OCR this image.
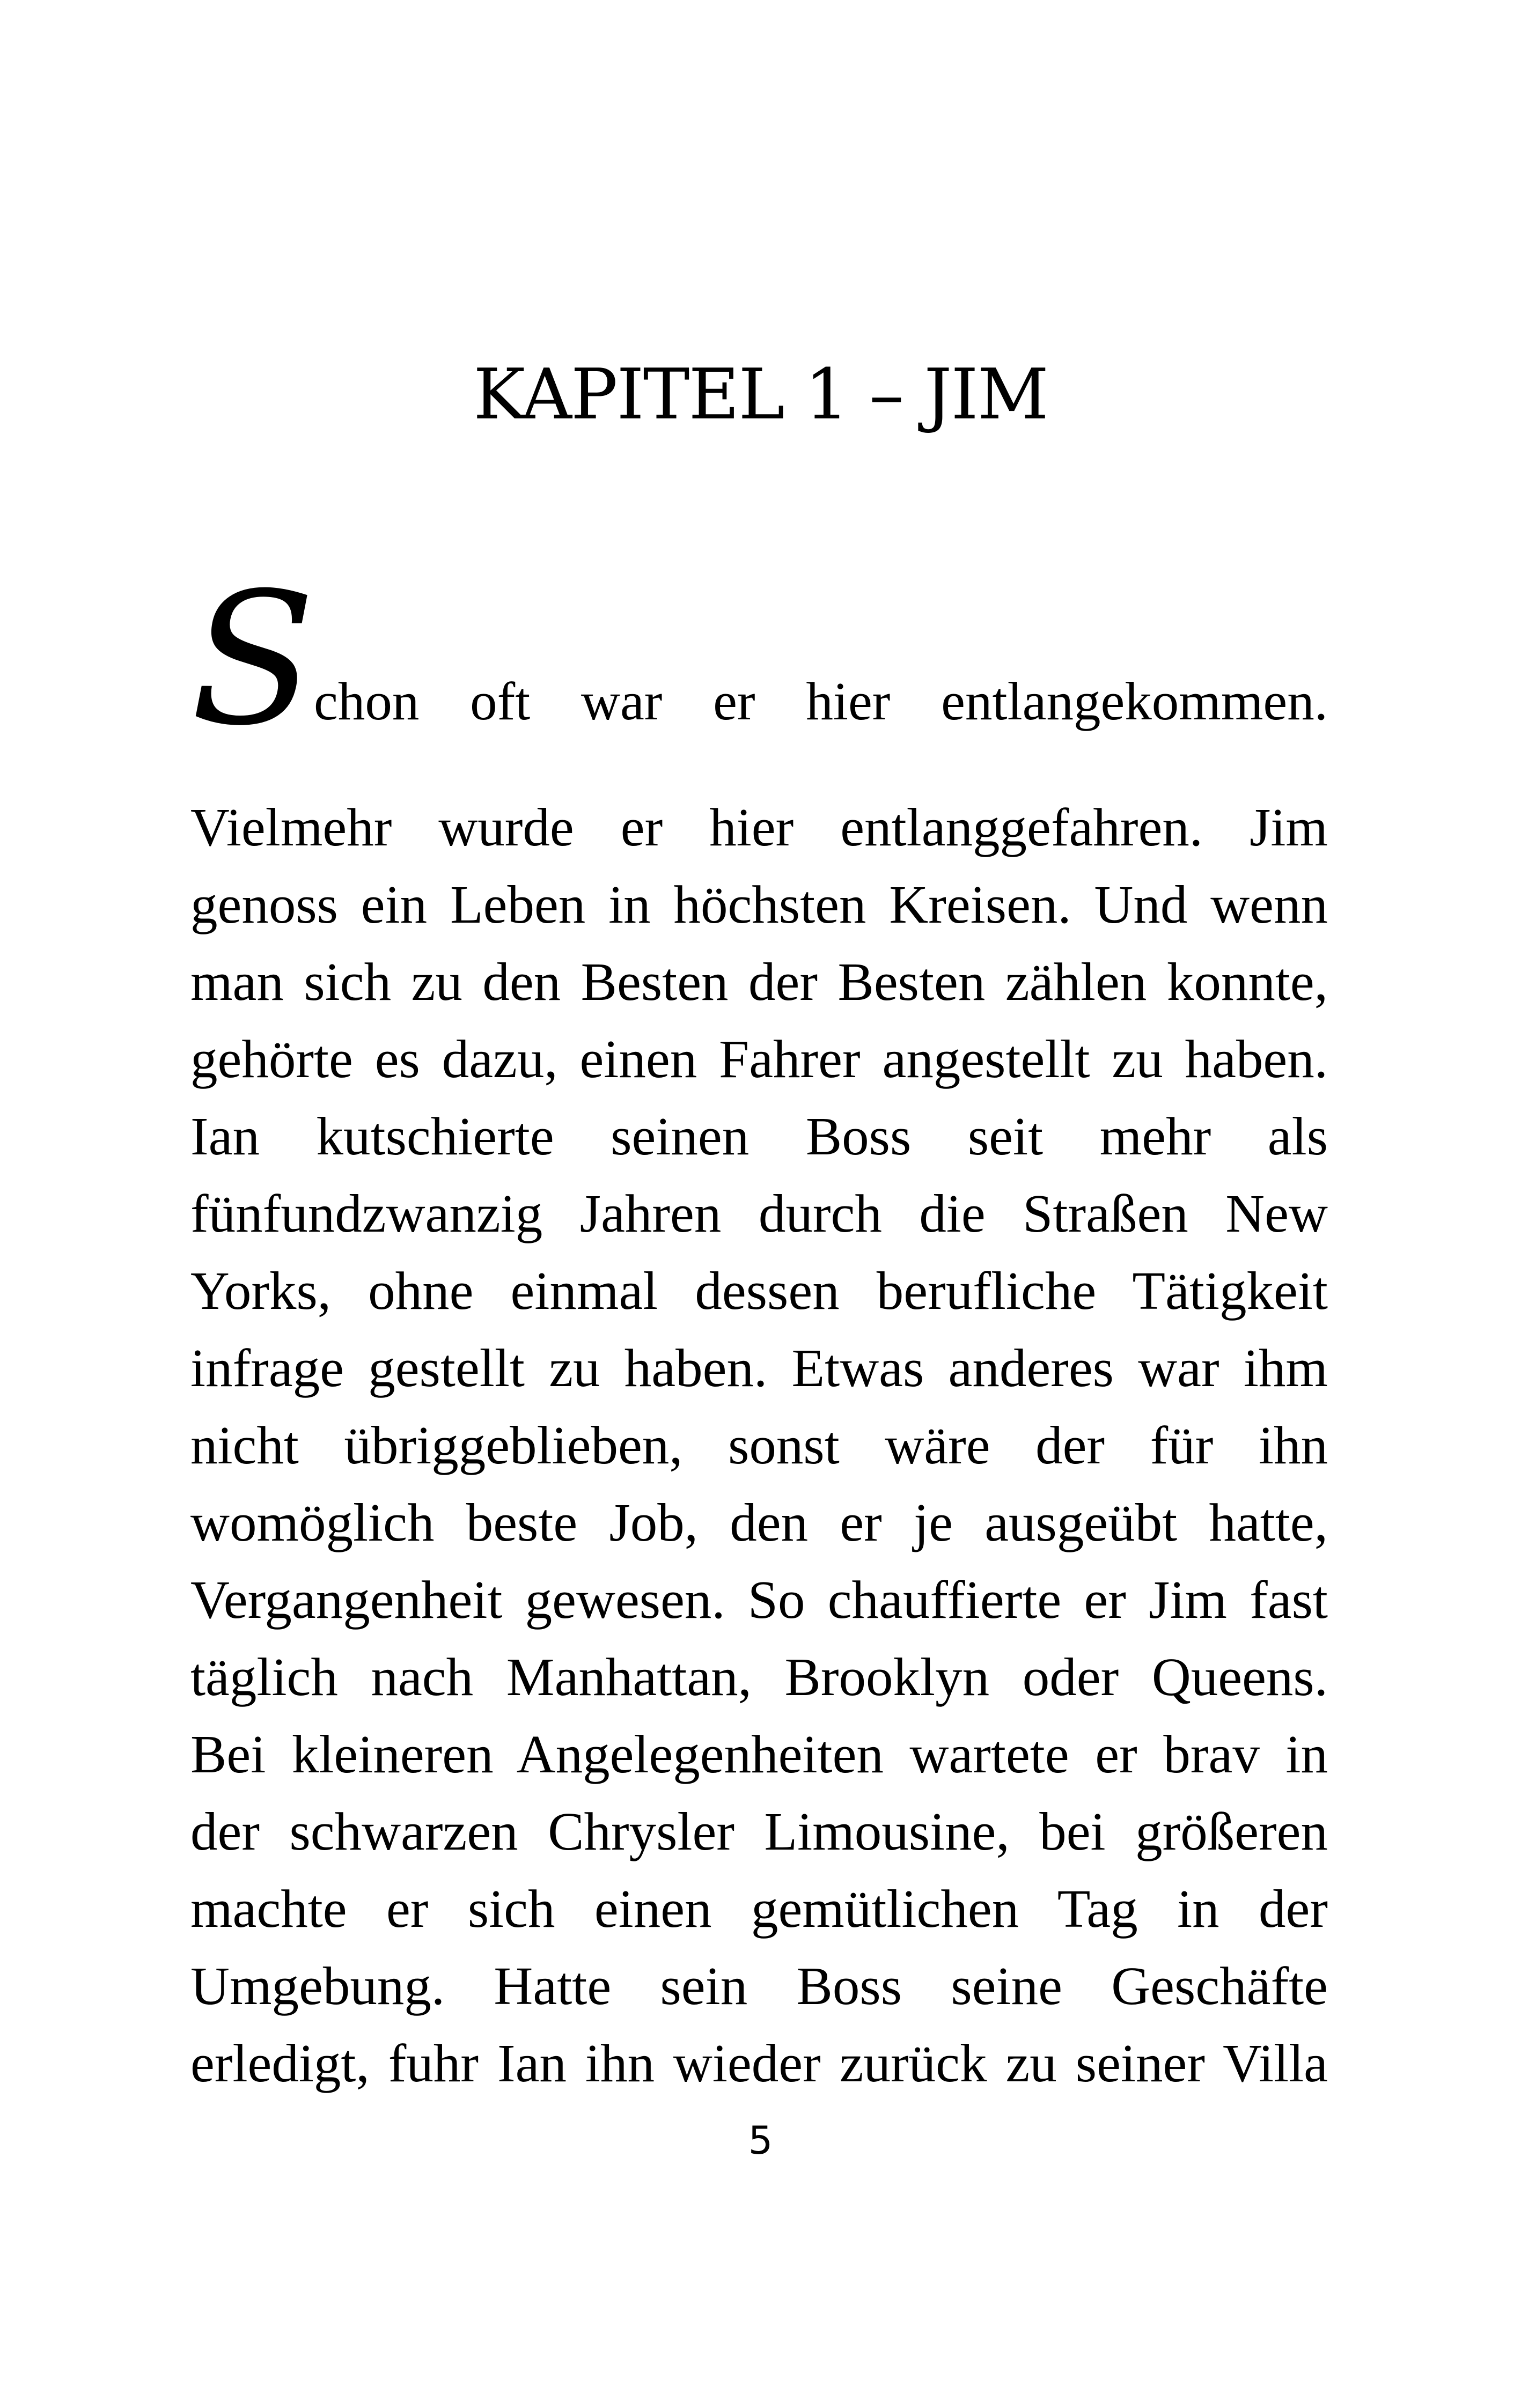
KAPITEL 1 – JIM
S
chon oft war er hier entlangekommen.
Vielmehr wurde er hier entlanggefahren. Jim
genoss ein Leben in höchsten Kreisen. Und wenn
man sich zu den Besten der Besten zählen konnte,
gehörte es dazu, einen Fahrer angestellt zu haben.
Ian kutschierte seinen Boss seit mehr als
fünfundzwanzig Jahren durch die Straßen New
Yorks, ohne einmal dessen berufliche Tätigkeit
infrage gestellt zu haben. Etwas anderes war ihm
nicht übriggeblieben, sonst wäre der für ihn
womöglich beste Job, den er je ausgeübt hatte,
Vergangenheit gewesen. So chauffierte er Jim fast
täglich nach Manhattan, Brooklyn oder Queens.
Bei kleineren Angelegenheiten wartete er brav in
der schwarzen Chrysler Limousine, bei größeren
machte er sich einen gemütlichen Tag in der
Umgebung. Hatte sein Boss seine Geschäfte
erledigt, fuhr Ian ihn wieder zurück zu seiner Villa
5
